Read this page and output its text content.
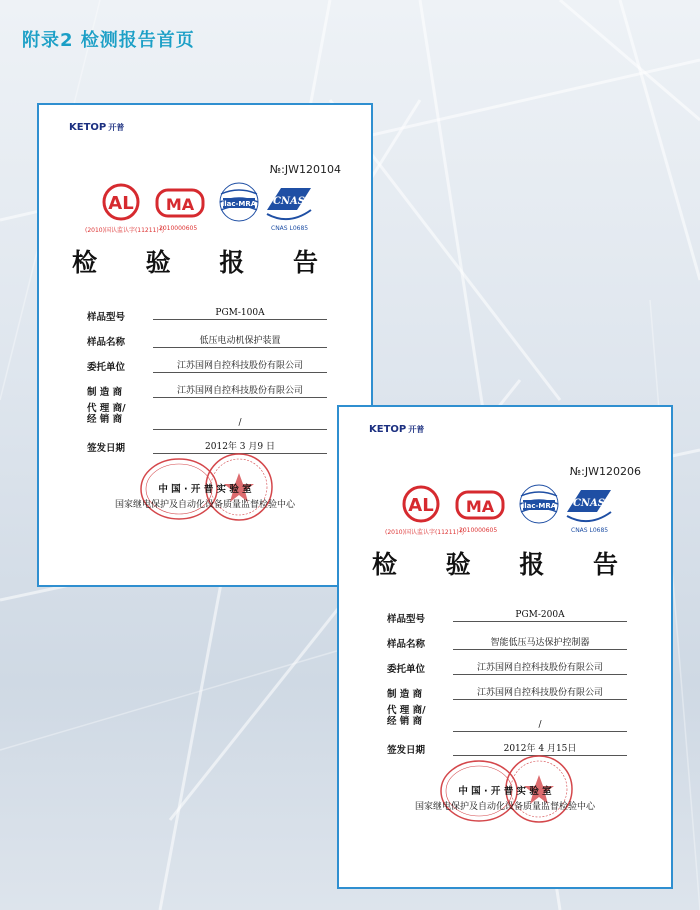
附录2 检测报告首页
KETOP 开普
№:JW120104
AL MA	ilac-MRA CNAS
(2010)国认监认字(11211)号
2010000605	CNAS L0685
检 验 报 告
样品型号	PGM-100A
样品名称	低压电动机保护装置
委托单位	江苏国网自控科技股份有限公司
制 造 商	江苏国网自控科技股份有限公司
代 理 商/
经 销 商	/
签发日期	2012年 3 月9 日
中 国 · 开 普 实 验 室
国家继电保护及自动化设备质量监督检验中心
KETOP 开普
№:JW120206
AL MA	ilac-MRA CNAS
(2010)国认监认字(11211)号
2010000605	CNAS L0685
检 验 报 告
样品型号	PGM-200A
样品名称	智能低压马达保护控制器
委托单位	江苏国网自控科技股份有限公司
制 造 商	江苏国网自控科技股份有限公司
代 理 商/
经 销 商	/
签发日期	2012年 4 月15日
中 国 · 开 普 实 验 室
国家继电保护及自动化设备质量监督检验中心
